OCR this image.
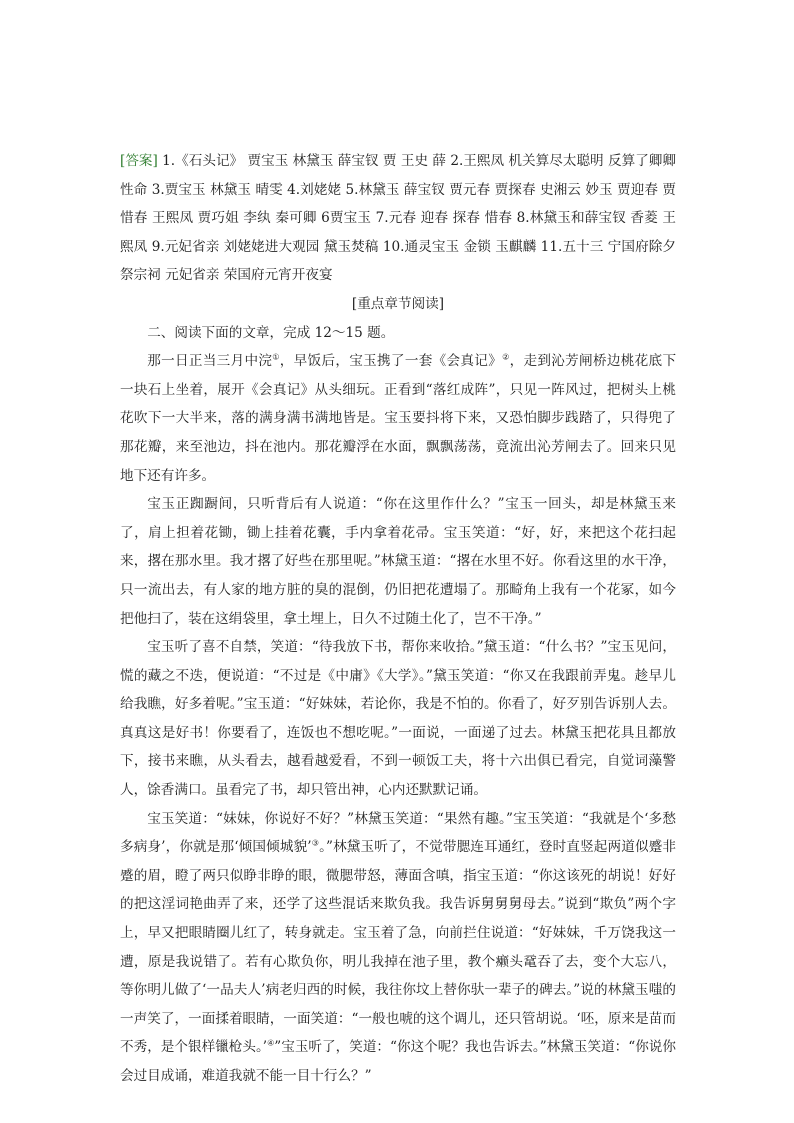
[答案] 1.《石头记》 贾宝玉 林黛玉 薛宝钗 贾 王史 薛 2.王熙凤 机关算尽太聪明 反算了卿卿性命 3.贾宝玉 林黛玉 晴雯 4.刘姥姥 5.林黛玉 薛宝钗 贾元春 贾探春 史湘云 妙玉 贾迎春 贾惜春 王熙凤 贾巧姐 李纨 秦可卿 6贾宝玉 7.元春 迎春 探春 惜春 8.林黛玉和薛宝钗 香菱 王熙凤 9.元妃省亲 刘姥姥进大观园 黛玉焚稿 10.通灵宝玉 金锁 玉麒麟 11.五十三 宁国府除夕祭宗祠 元妃省亲 荣国府元宵开夜宴

[重点章节阅读]

二、阅读下面的文章，完成 12～15 题。

那一日正当三月中浣①，早饭后，宝玉携了一套《会真记》②，走到沁芳闸桥边桃花底下一块石上坐着，展开《会真记》从头细玩。正看到“落红成阵”，只见一阵风过，把树头上桃花吹下一大半来，落的满身满书满地皆是。宝玉要抖将下来，又恐怕脚步践踏了，只得兜了那花瓣，来至池边，抖在池内。那花瓣浮在水面，飘飘荡荡，竟流出沁芳闸去了。回来只见地下还有许多。

宝玉正踟蹰间，只听背后有人说道：“你在这里作什么？”宝玉一回头，却是林黛玉来了，肩上担着花锄，锄上挂着花囊，手内拿着花帚。宝玉笑道：“好，好，来把这个花扫起来，撂在那水里。我才撂了好些在那里呢。”林黛玉道：“撂在水里不好。你看这里的水干净，只一流出去，有人家的地方脏的臭的混倒，仍旧把花遭塌了。那畸角上我有一个花冢，如今把他扫了，装在这绢袋里，拿土埋上，日久不过随土化了，岂不干净。”

宝玉听了喜不自禁，笑道：“待我放下书，帮你来收拾。”黛玉道：“什么书？”宝玉见问，慌的藏之不迭，便说道：“不过是《中庸》《大学》。”黛玉笑道：“你又在我跟前弄鬼。趁早儿给我瞧，好多着呢。”宝玉道：“好妹妹，若论你，我是不怕的。你看了，好歹别告诉别人去。真真这是好书！你要看了，连饭也不想吃呢。”一面说，一面递了过去。林黛玉把花具且都放下，接书来瞧，从头看去，越看越爱看，不到一顿饭工夫，将十六出俱已看完，自觉词藻警人，馀香满口。虽看完了书，却只管出神，心内还默默记诵。

宝玉笑道：“妹妹，你说好不好？”林黛玉笑道：“果然有趣。”宝玉笑道：“我就是个‘多愁多病身’，你就是那‘倾国倾城貌’③。”林黛玉听了，不觉带腮连耳通红，登时直竖起两道似蹙非蹙的眉，瞪了两只似睁非睁的眼，微腮带怒，薄面含嗔，指宝玉道：“你这该死的胡说！好好的把这淫词艳曲弄了来，还学了这些混话来欺负我。我告诉舅舅舅母去。”说到“欺负”两个字上，早又把眼睛圈儿红了，转身就走。宝玉着了急，向前拦住说道：“好妹妹，千万饶我这一遭，原是我说错了。若有心欺负你，明儿我掉在池子里，教个癞头鼋吞了去，变个大忘八，等你明儿做了‘一品夫人’病老归西的时候，我往你坟上替你驮一辈子的碑去。”说的林黛玉嗤的一声笑了，一面揉着眼睛，一面笑道：“一般也唬的这个调儿，还只管胡说。‘呸，原来是苗而不秀，是个银样镴枪头。’④”宝玉听了，笑道：“你这个呢？我也告诉去。”林黛玉笑道：“你说你会过目成诵，难道我就不能一目十行么？”
